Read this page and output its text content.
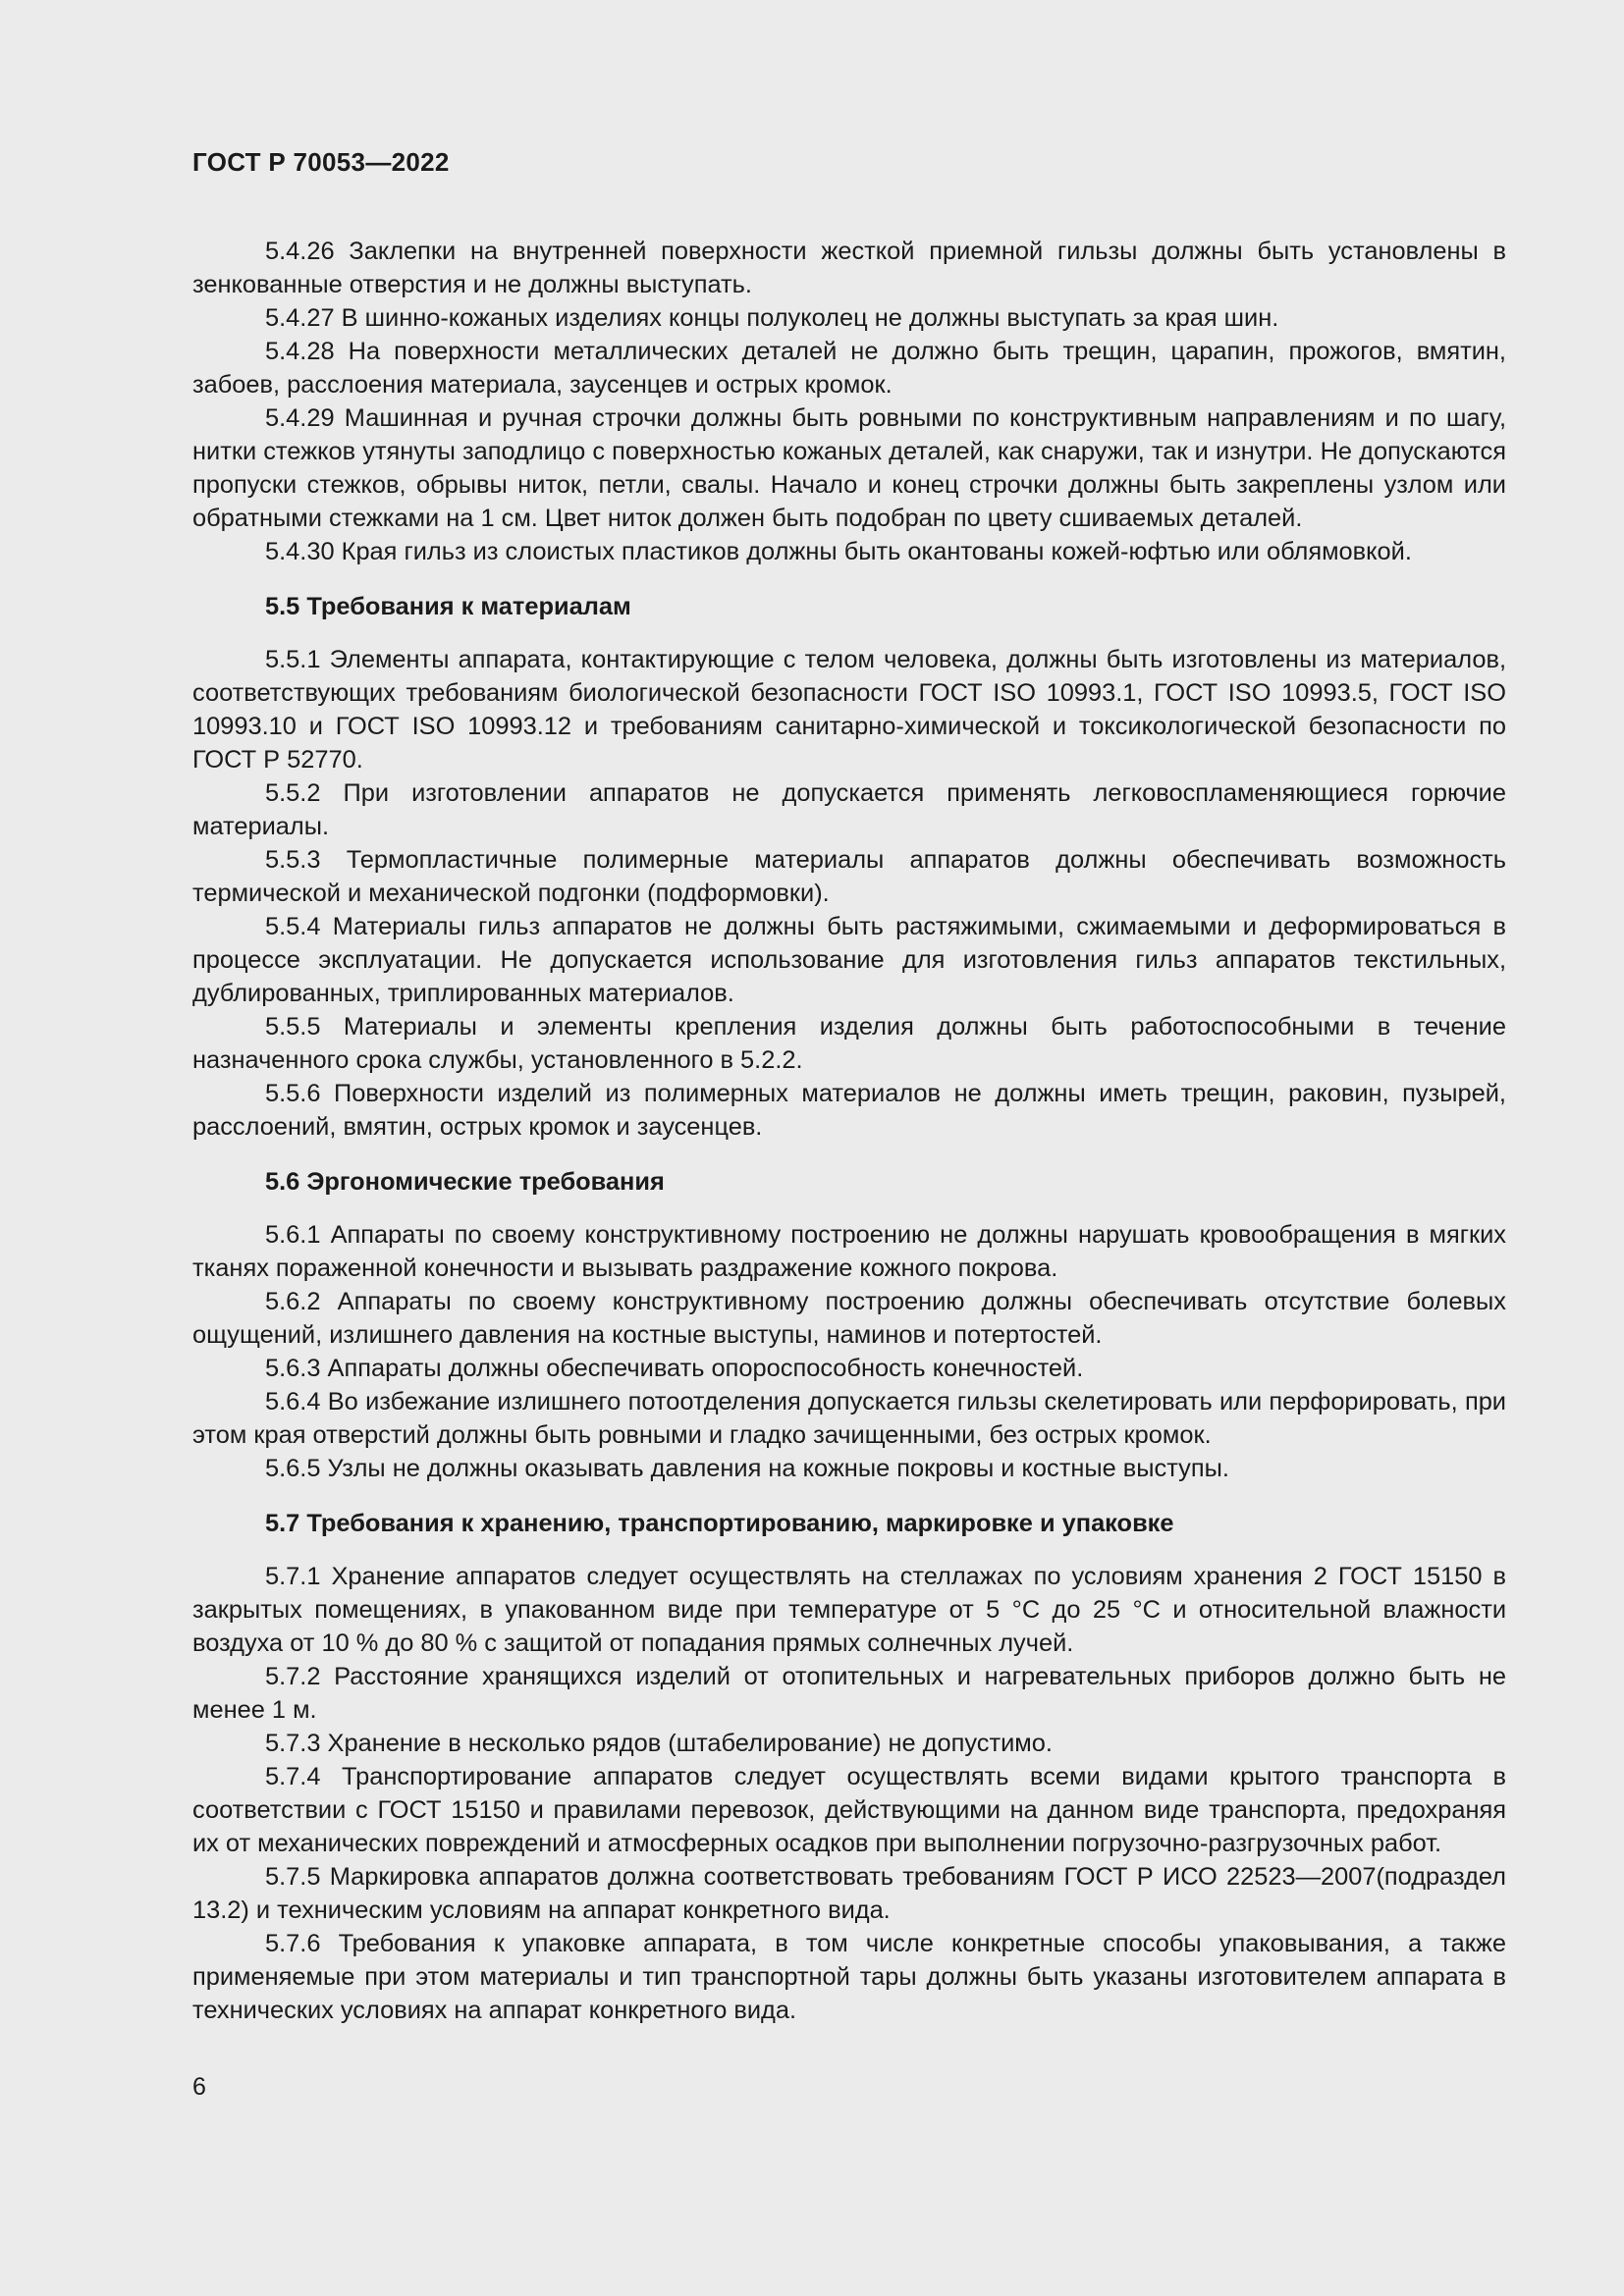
ГОСТ Р 70053—2022

5.4.26 Заклепки на внутренней поверхности жесткой приемной гильзы должны быть установлены в зенкованные отверстия и не должны выступать.

5.4.27 В шинно-кожаных изделиях концы полуколец не должны выступать за края шин.

5.4.28 На поверхности металлических деталей не должно быть трещин, царапин, прожогов, вмятин, забоев, расслоения материала, заусенцев и острых кромок.

5.4.29 Машинная и ручная строчки должны быть ровными по конструктивным направлениям и по шагу, нитки стежков утянуты заподлицо с поверхностью кожаных деталей, как снаружи, так и изнутри. Не допускаются пропуски стежков, обрывы ниток, петли, свалы. Начало и конец строчки должны быть закреплены узлом или обратными стежками на 1 см. Цвет ниток должен быть подобран по цвету сшиваемых деталей.

5.4.30 Края гильз из слоистых пластиков должны быть окантованы кожей-юфтью или облямовкой.

5.5 Требования к материалам

5.5.1 Элементы аппарата, контактирующие с телом человека, должны быть изготовлены из материалов, соответствующих требованиям биологической безопасности ГОСТ ISO 10993.1, ГОСТ ISO 10993.5, ГОСТ ISO 10993.10 и ГОСТ ISO 10993.12 и требованиям санитарно-химической и токсикологической безопасности по ГОСТ Р 52770.

5.5.2 При изготовлении аппаратов не допускается применять легковоспламеняющиеся горючие материалы.

5.5.3 Термопластичные полимерные материалы аппаратов должны обеспечивать возможность термической и механической подгонки (подформовки).

5.5.4 Материалы гильз аппаратов не должны быть растяжимыми, сжимаемыми и деформироваться в процессе эксплуатации. Не допускается использование для изготовления гильз аппаратов текстильных, дублированных, триплированных материалов.

5.5.5 Материалы и элементы крепления изделия должны быть работоспособными в течение назначенного срока службы, установленного в 5.2.2.

5.5.6 Поверхности изделий из полимерных материалов не должны иметь трещин, раковин, пузырей, расслоений, вмятин, острых кромок и заусенцев.

5.6 Эргономические требования

5.6.1 Аппараты по своему конструктивному построению не должны нарушать кровообращения в мягких тканях пораженной конечности и вызывать раздражение кожного покрова.

5.6.2 Аппараты по своему конструктивному построению должны обеспечивать отсутствие болевых ощущений, излишнего давления на костные выступы, наминов и потертостей.

5.6.3 Аппараты должны обеспечивать опороспособность конечностей.

5.6.4 Во избежание излишнего потоотделения допускается гильзы скелетировать или перфорировать, при этом края отверстий должны быть ровными и гладко зачищенными, без острых кромок.

5.6.5 Узлы не должны оказывать давления на кожные покровы и костные выступы.

5.7 Требования к хранению, транспортированию, маркировке и упаковке

5.7.1 Хранение аппаратов следует осуществлять на стеллажах по условиям хранения 2 ГОСТ 15150 в закрытых помещениях, в упакованном виде при температуре от 5 °С до 25 °С и относительной влажности воздуха от 10 % до 80 % с защитой от попадания прямых солнечных лучей.

5.7.2 Расстояние хранящихся изделий от отопительных и нагревательных приборов должно быть не менее 1 м.

5.7.3 Хранение в несколько рядов (штабелирование) не допустимо.

5.7.4 Транспортирование аппаратов следует осуществлять всеми видами крытого транспорта в соответствии с ГОСТ 15150 и правилами перевозок, действующими на данном виде транспорта, предохраняя их от механических повреждений и атмосферных осадков при выполнении погрузочно-разгрузочных работ.

5.7.5 Маркировка аппаратов должна соответствовать требованиям ГОСТ Р ИСО 22523—2007(подраздел 13.2) и техническим условиям на аппарат конкретного вида.

5.7.6 Требования к упаковке аппарата, в том числе конкретные способы упаковывания, а также применяемые при этом материалы и тип транспортной тары должны быть указаны изготовителем аппарата в технических условиях на аппарат конкретного вида.

6
